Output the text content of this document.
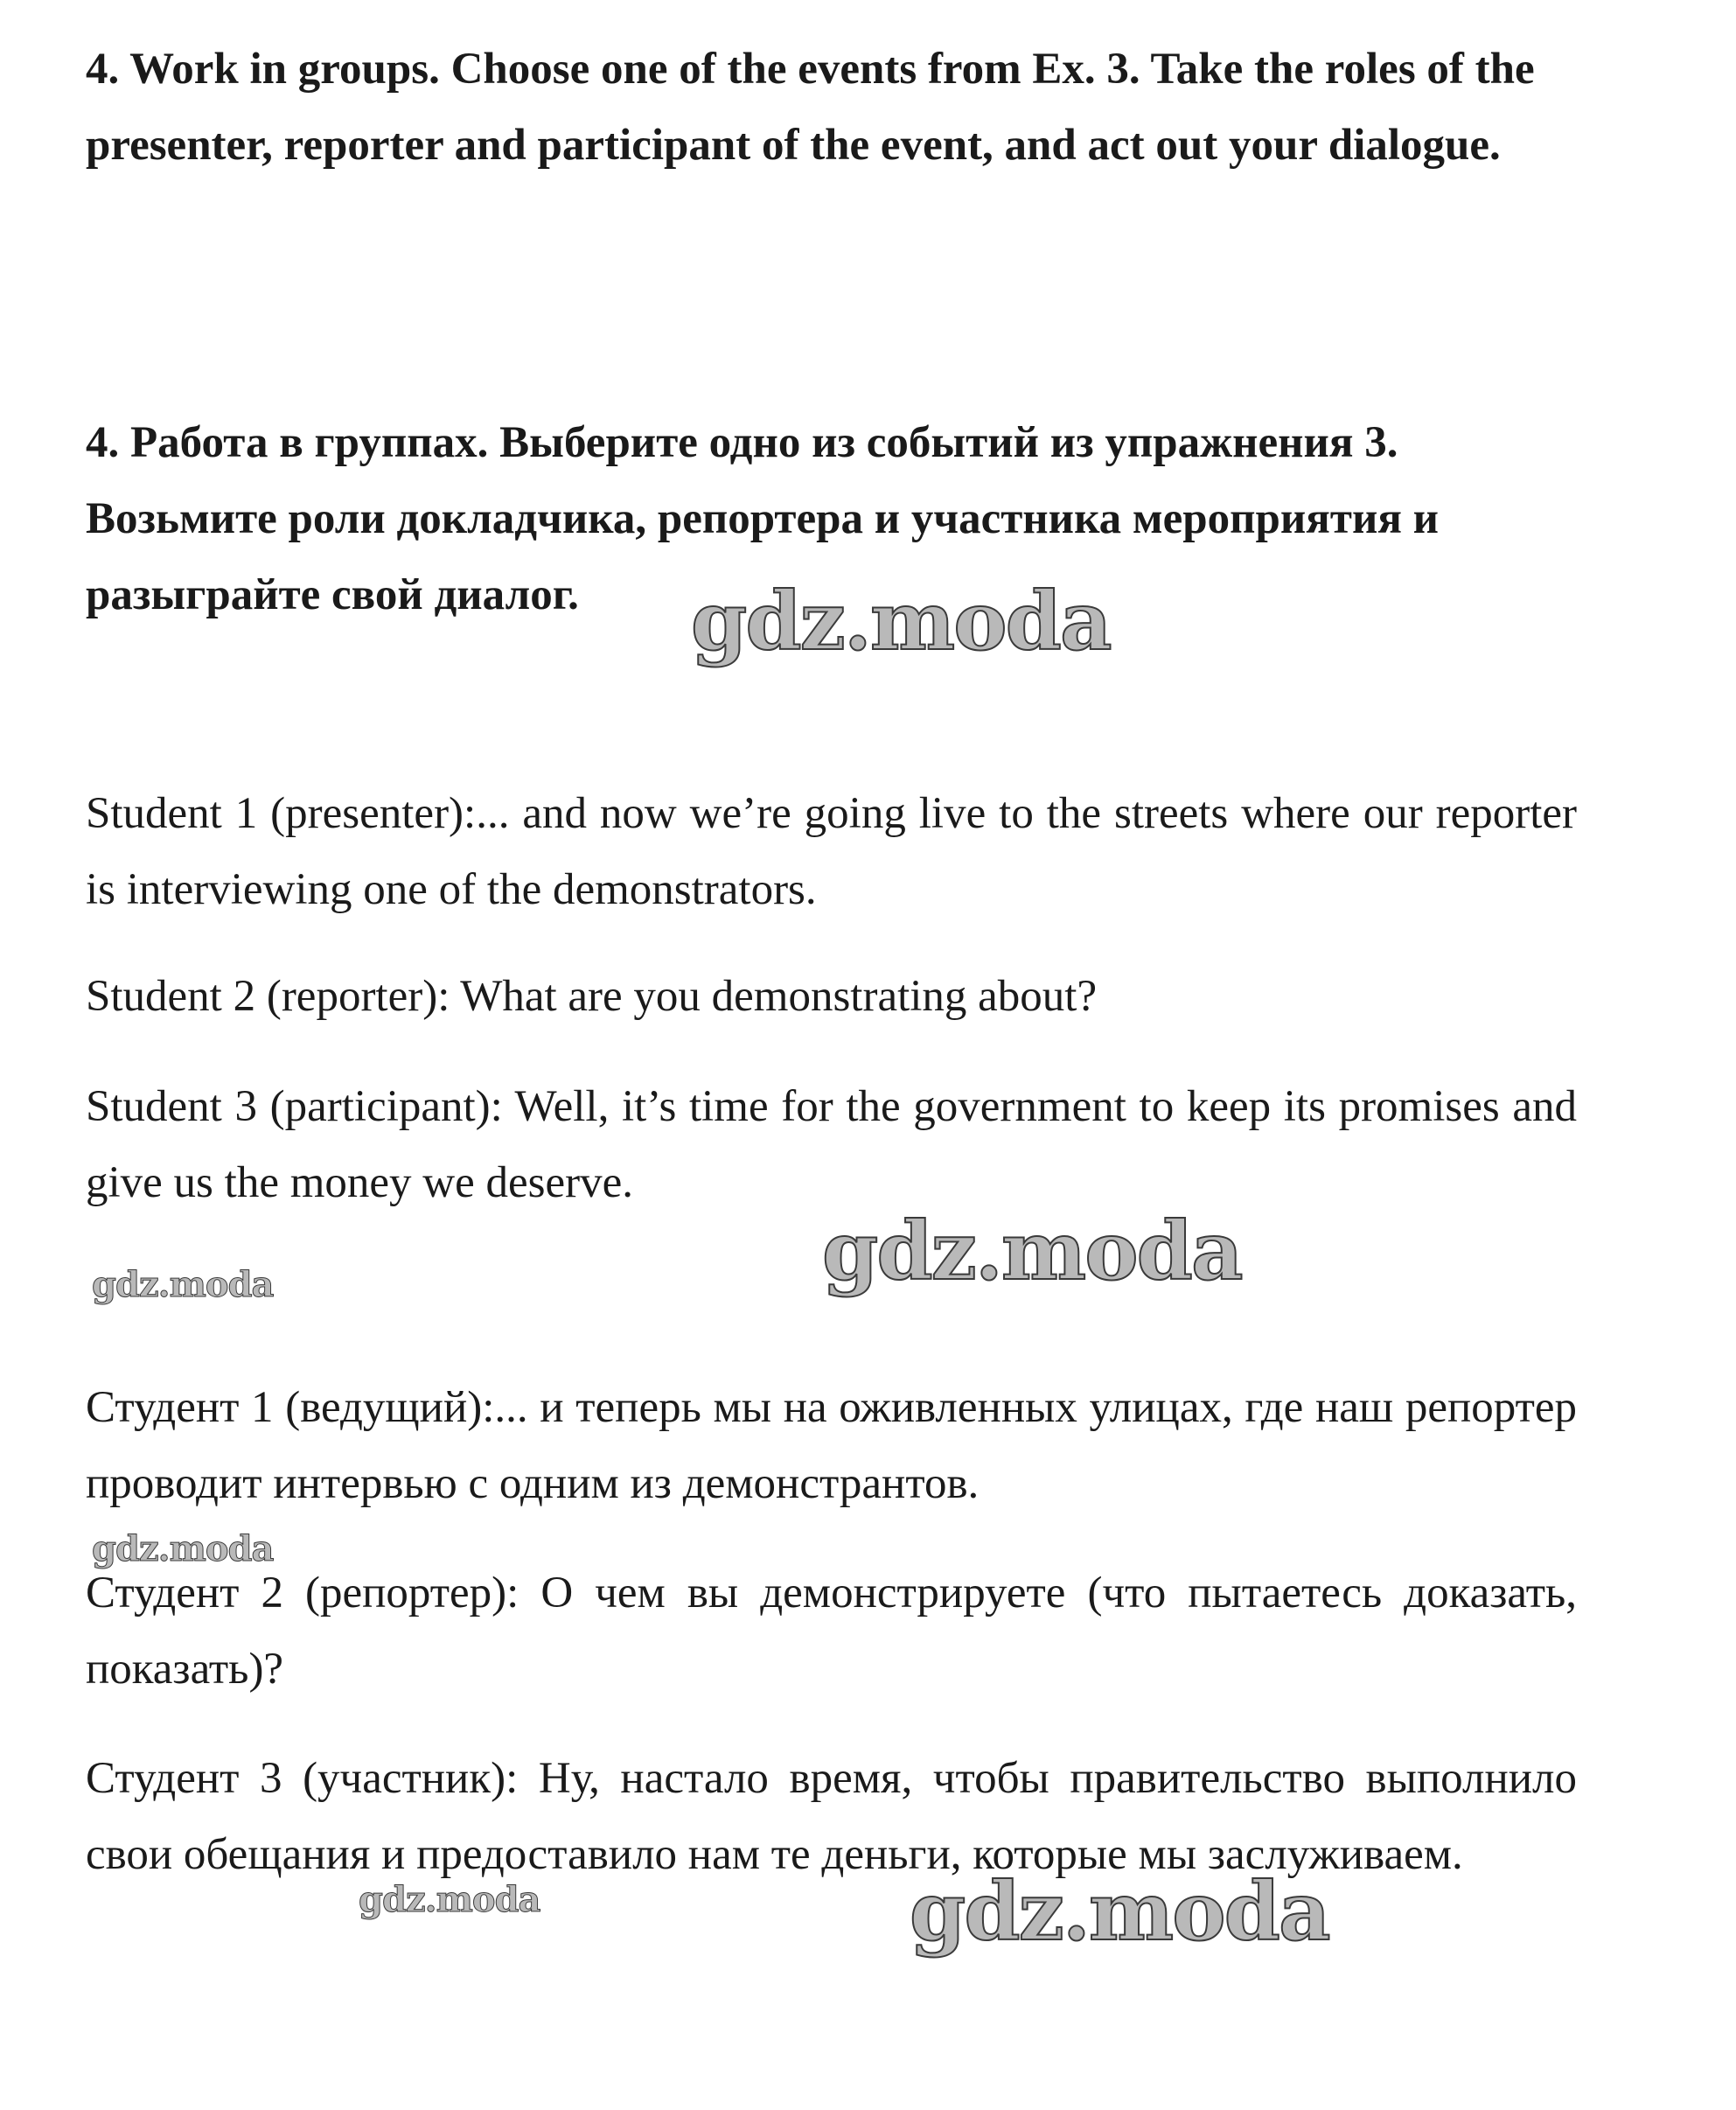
4. Work in groups. Choose one of the events from Ex. 3. Take the roles of the presenter, reporter and participant of the event, and act out your dialogue.

4. Работа в группах. Выберите одно из событий из упражнения 3. Возьмите роли докладчика, репортера и участника мероприятия и разыграйте свой диалог.

Student 1 (presenter):... and now we’re going live to the streets where our reporter is interviewing one of the demonstrators.

Student 2 (reporter): What are you demonstrating about?

Student 3 (participant): Well, it’s time for the government to keep its promises and give us the money we deserve.

Студент 1 (ведущий):... и теперь мы на оживленных улицах, где наш репортер проводит интервью с одним из демонстрантов.

Студент 2 (репортер): О чем вы демонстрируете (что пытаетесь доказать, показать)?

Студент 3 (участник): Ну, настало время, чтобы правительство выполнило свои обещания и предоставило нам те деньги, которые мы заслуживаем.

gdz.moda
gdz.moda
gdz.moda
gdz.moda
gdz.moda
gdz.moda
